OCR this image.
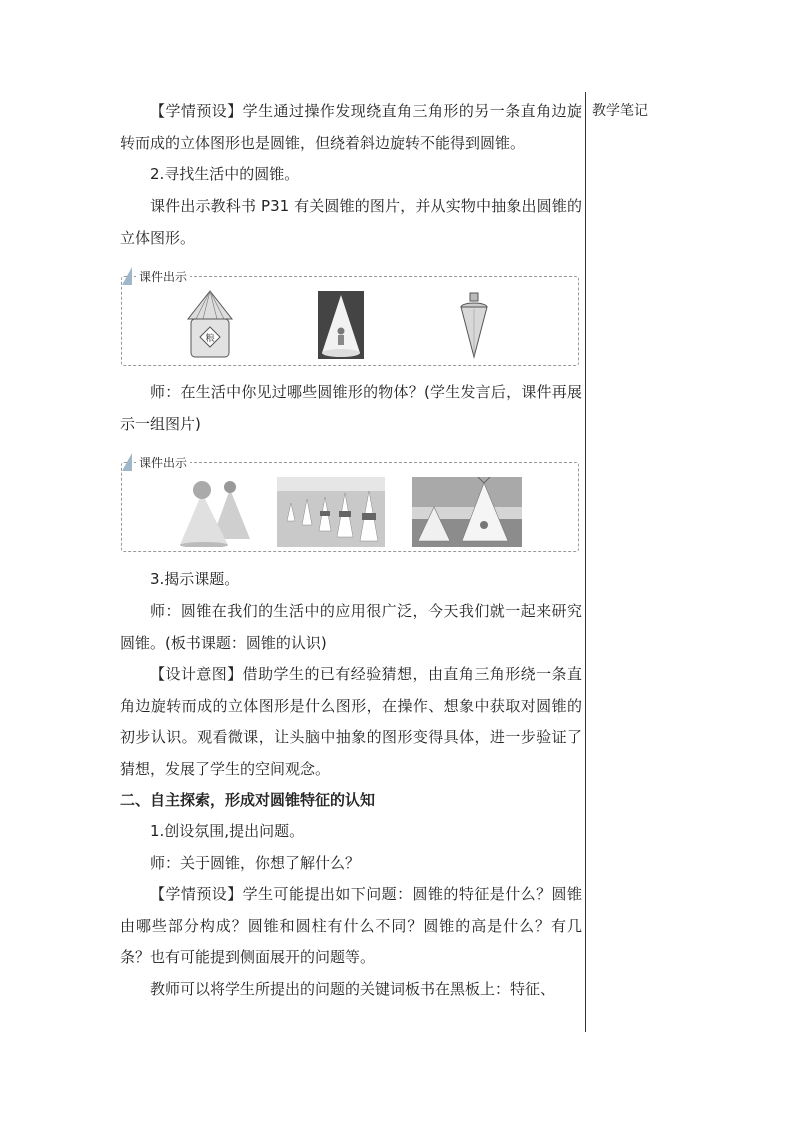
教学笔记
【学情预设】学生通过操作发现绕直角三角形的另一条直角边旋转而成的立体图形也是圆锥，但绕着斜边旋转不能得到圆锥。
2.寻找生活中的圆锥。
课件出示教科书 P31 有关圆锥的图片，并从实物中抽象出圆锥的立体图形。
课件出示
粮
师：在生活中你见过哪些圆锥形的物体？(学生发言后，课件再展示一组图片)
课件出示
3.揭示课题。
师：圆锥在我们的生活中的应用很广泛，今天我们就一起来研究圆锥。(板书课题：圆锥的认识)
【设计意图】借助学生的已有经验猜想，由直角三角形绕一条直角边旋转而成的立体图形是什么图形，在操作、想象中获取对圆锥的初步认识。观看微课，让头脑中抽象的图形变得具体，进一步验证了猜想，发展了学生的空间观念。
二、自主探索，形成对圆锥特征的认知
1.创设氛围,提出问题。
师：关于圆锥，你想了解什么？
【学情预设】学生可能提出如下问题：圆锥的特征是什么？圆锥由哪些部分构成？圆锥和圆柱有什么不同？圆锥的高是什么？有几条？也有可能提到侧面展开的问题等。
教师可以将学生所提出的问题的关键词板书在黑板上：特征、
